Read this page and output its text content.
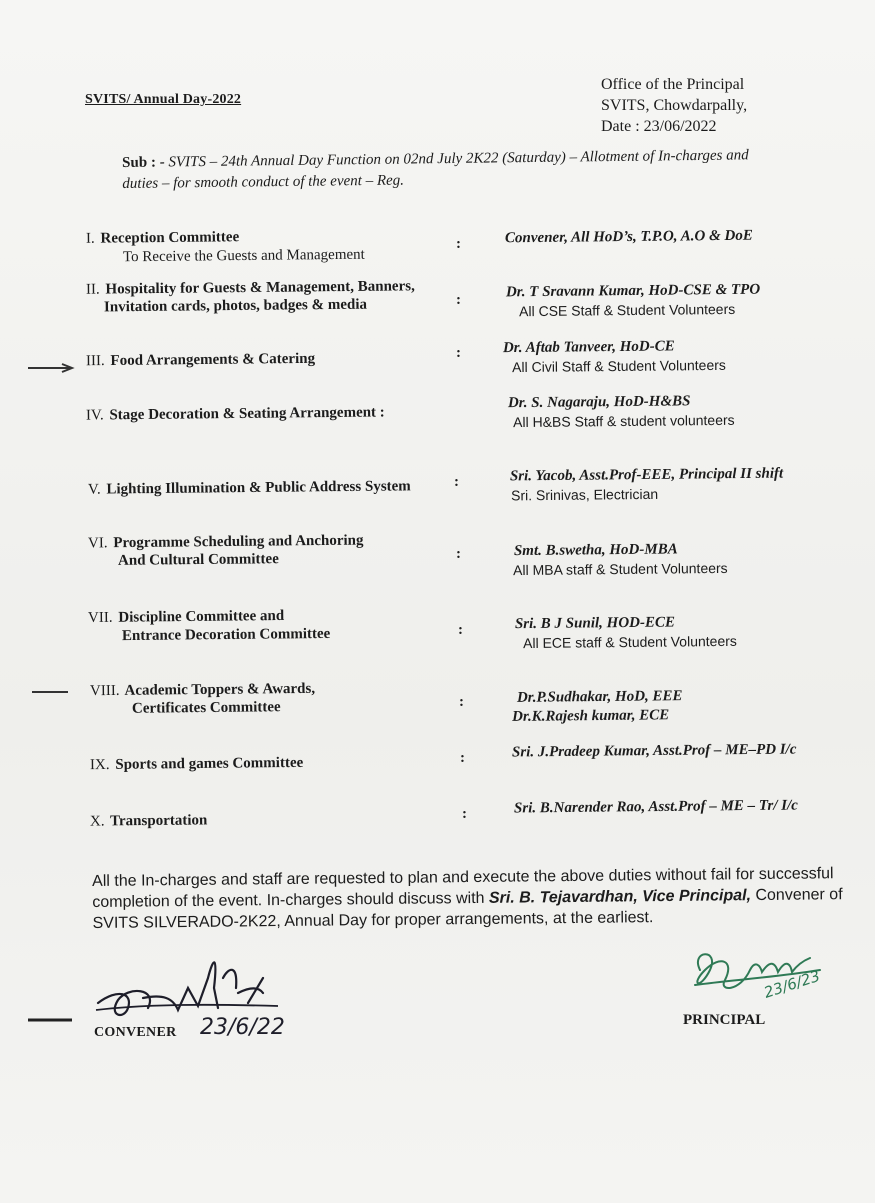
SVITS/ Annual Day-2022
Office of the Principal
SVITS, Chowdarpally,
Date : 23/06/2022
Sub : - SVITS – 24th Annual Day Function on 02nd July 2K22 (Saturday) – Allotment of In-charges and duties – for smooth conduct of the event – Reg.
I. Reception Committee
To Receive the Guests and Management
:	Convener, All HoD’s, T.P.O, A.O & DoE
II. Hospitality for Guests & Management, Banners,
Invitation cards, photos, badges & media	:	Dr. T Sravann Kumar, HoD-CSE & TPO
All CSE Staff & Student Volunteers
III. Food Arrangements & Catering	:	Dr. Aftab Tanveer, HoD-CE
All Civil Staff & Student Volunteers
IV. Stage Decoration & Seating Arrangement :
Dr. S. Nagaraju, HoD-H&BS
All H&BS Staff & student volunteers
V. Lighting Illumination & Public Address System	:	Sri. Yacob, Asst.Prof-EEE, Principal II shift
Sri. Srinivas, Electrician
VI. Programme Scheduling and Anchoring
And Cultural Committee	:	Smt. B.swetha, HoD-MBA
All MBA staff & Student Volunteers
VII. Discipline Committee and
Entrance Decoration Committee	:	Sri. B J Sunil, HOD-ECE
All ECE staff & Student Volunteers
VIII. Academic Toppers & Awards,
Certificates Committee	:	Dr.P.Sudhakar, HoD, EEE
Dr.K.Rajesh kumar, ECE
IX. Sports and games Committee	:	Sri. J.Pradeep Kumar, Asst.Prof – ME–PD I/c
X. Transportation	:	Sri. B.Narender Rao, Asst.Prof – ME – Tr/ I/c
All the In-charges and staff are requested to plan and execute the above duties without fail for successful completion of the event. In-charges should discuss with Sri. B. Tejavardhan, Vice Principal, Convener of SVITS SILVERADO-2K22, Annual Day for proper arrangements, at the earliest.
23/6/22
CONVENER
23/6/23
PRINCIPAL
